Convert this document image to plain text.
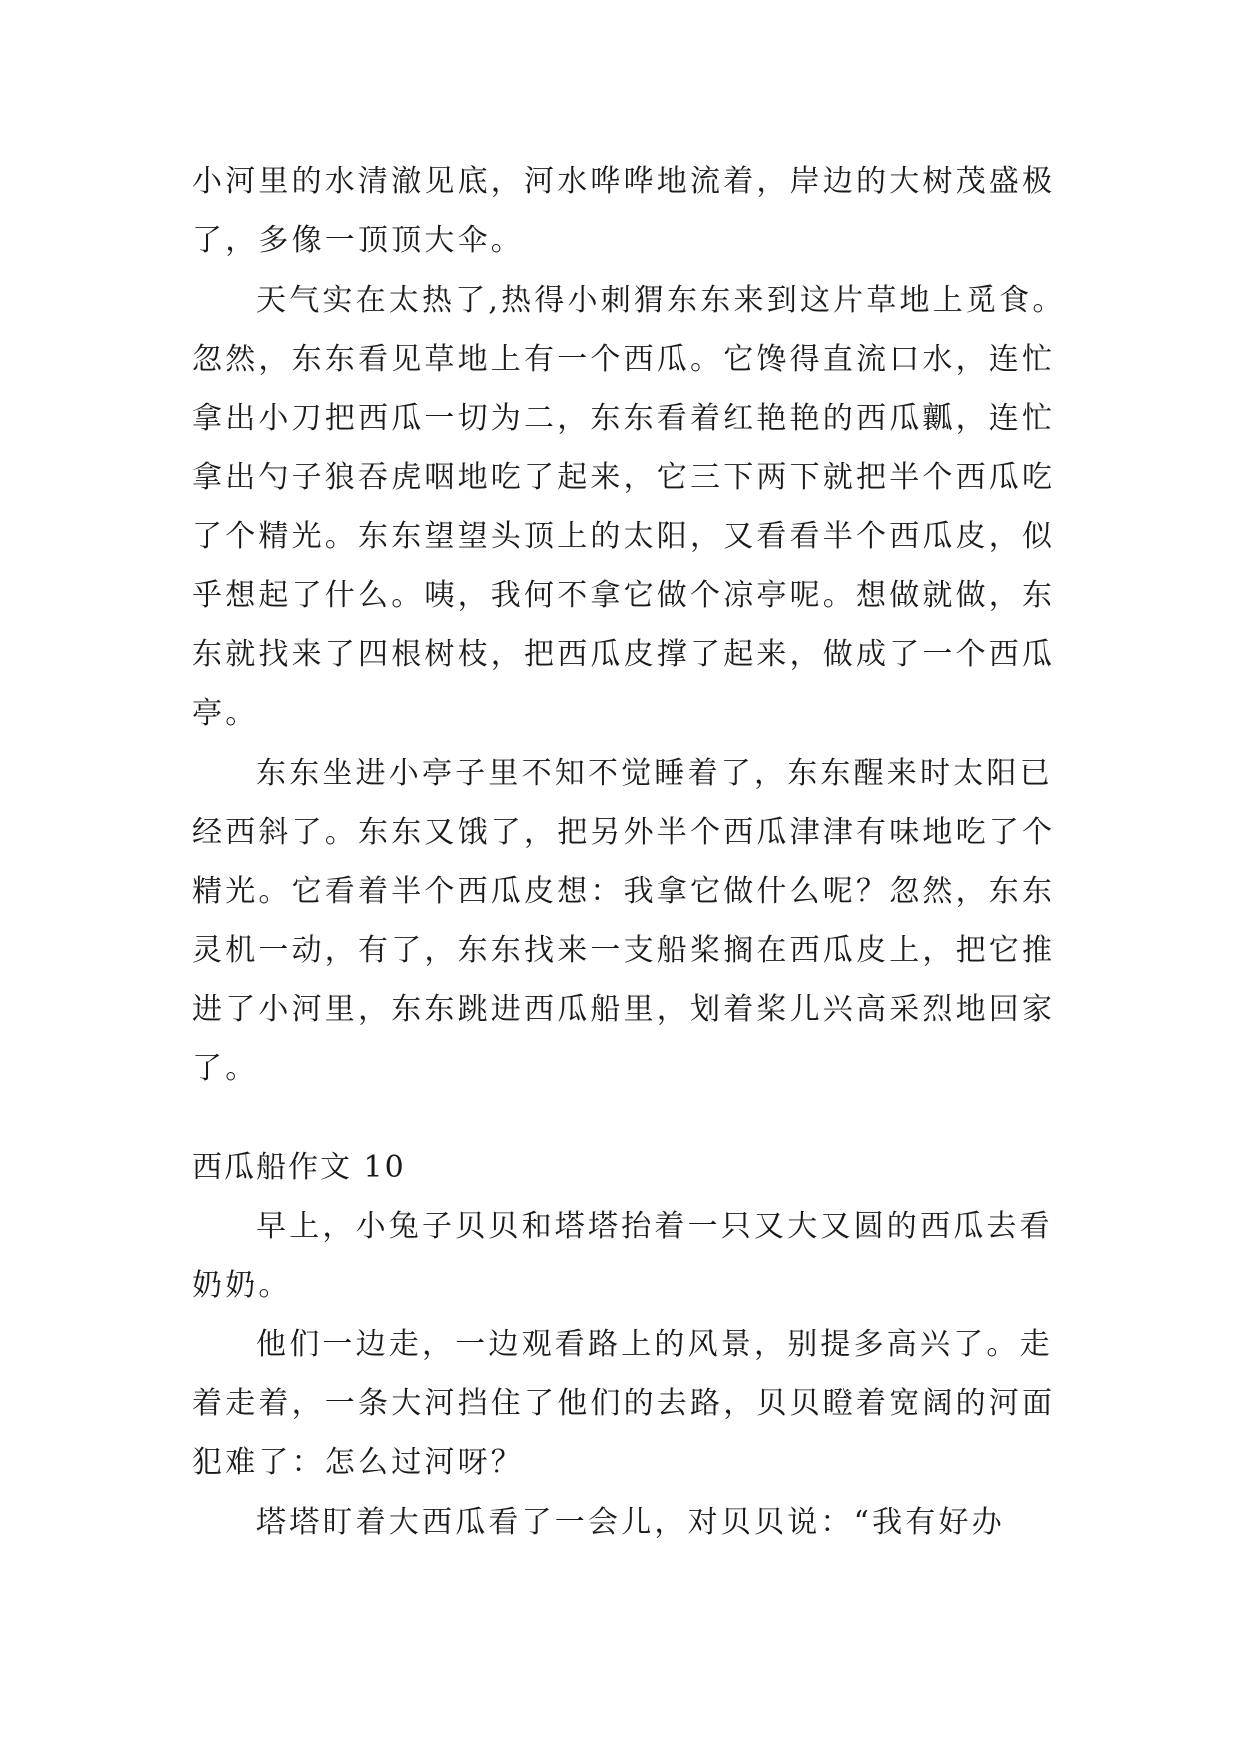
小河里的水清澈见底，河水哗哗地流着，岸边的大树茂盛极
了，多像一顶顶大伞。
天气实在太热了,热得小刺猬东东来到这片草地上觅食。
忽然，东东看见草地上有一个西瓜。它馋得直流口水，连忙
拿出小刀把西瓜一切为二，东东看着红艳艳的西瓜瓤，连忙
拿出勺子狼吞虎咽地吃了起来，它三下两下就把半个西瓜吃
了个精光。东东望望头顶上的太阳，又看看半个西瓜皮，似
乎想起了什么。咦，我何不拿它做个凉亭呢。想做就做，东
东就找来了四根树枝，把西瓜皮撑了起来，做成了一个西瓜
亭。
东东坐进小亭子里不知不觉睡着了，东东醒来时太阳已
经西斜了。东东又饿了，把另外半个西瓜津津有味地吃了个
精光。它看着半个西瓜皮想：我拿它做什么呢？忽然，东东
灵机一动，有了，东东找来一支船桨搁在西瓜皮上，把它推
进了小河里，东东跳进西瓜船里，划着桨儿兴高采烈地回家
了。
西瓜船作文 10
早上，小兔子贝贝和塔塔抬着一只又大又圆的西瓜去看
奶奶。
他们一边走，一边观看路上的风景，别提多高兴了。走
着走着，一条大河挡住了他们的去路，贝贝瞪着宽阔的河面
犯难了：怎么过河呀？
塔塔盯着大西瓜看了一会儿，对贝贝说：“我有好办
